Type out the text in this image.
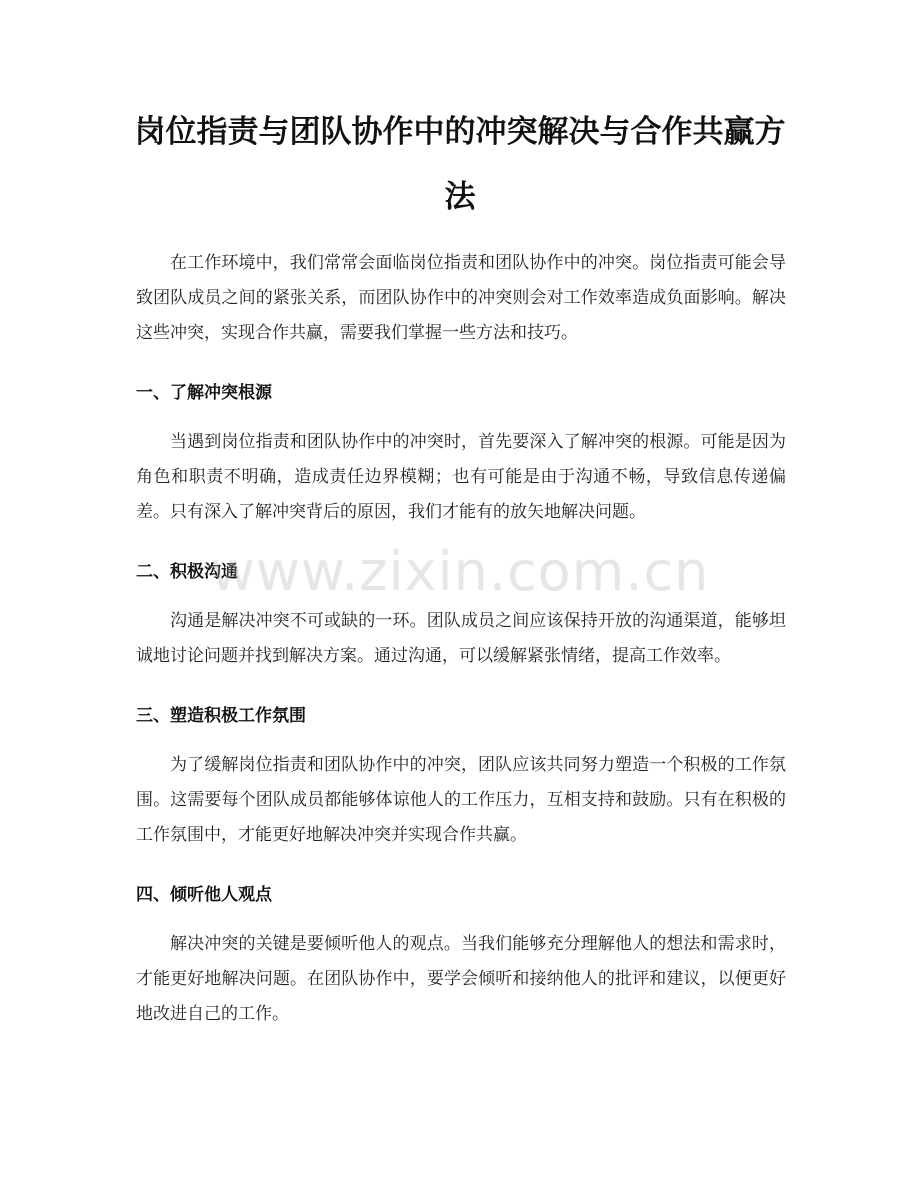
岗位指责与团队协作中的冲突解决与合作共赢方法

在工作环境中，我们常常会面临岗位指责和团队协作中的冲突。岗位指责可能会导致团队成员之间的紧张关系，而团队协作中的冲突则会对工作效率造成负面影响。解决这些冲突，实现合作共赢，需要我们掌握一些方法和技巧。

一、了解冲突根源

当遇到岗位指责和团队协作中的冲突时，首先要深入了解冲突的根源。可能是因为角色和职责不明确，造成责任边界模糊；也有可能是由于沟通不畅，导致信息传递偏差。只有深入了解冲突背后的原因，我们才能有的放矢地解决问题。

二、积极沟通

沟通是解决冲突不可或缺的一环。团队成员之间应该保持开放的沟通渠道，能够坦诚地讨论问题并找到解决方案。通过沟通，可以缓解紧张情绪，提高工作效率。

三、塑造积极工作氛围

为了缓解岗位指责和团队协作中的冲突，团队应该共同努力塑造一个积极的工作氛围。这需要每个团队成员都能够体谅他人的工作压力，互相支持和鼓励。只有在积极的工作氛围中，才能更好地解决冲突并实现合作共赢。

四、倾听他人观点

解决冲突的关键是要倾听他人的观点。当我们能够充分理解他人的想法和需求时，才能更好地解决问题。在团队协作中，要学会倾听和接纳他人的批评和建议，以便更好地改进自己的工作。

www.zixin.com.cn
